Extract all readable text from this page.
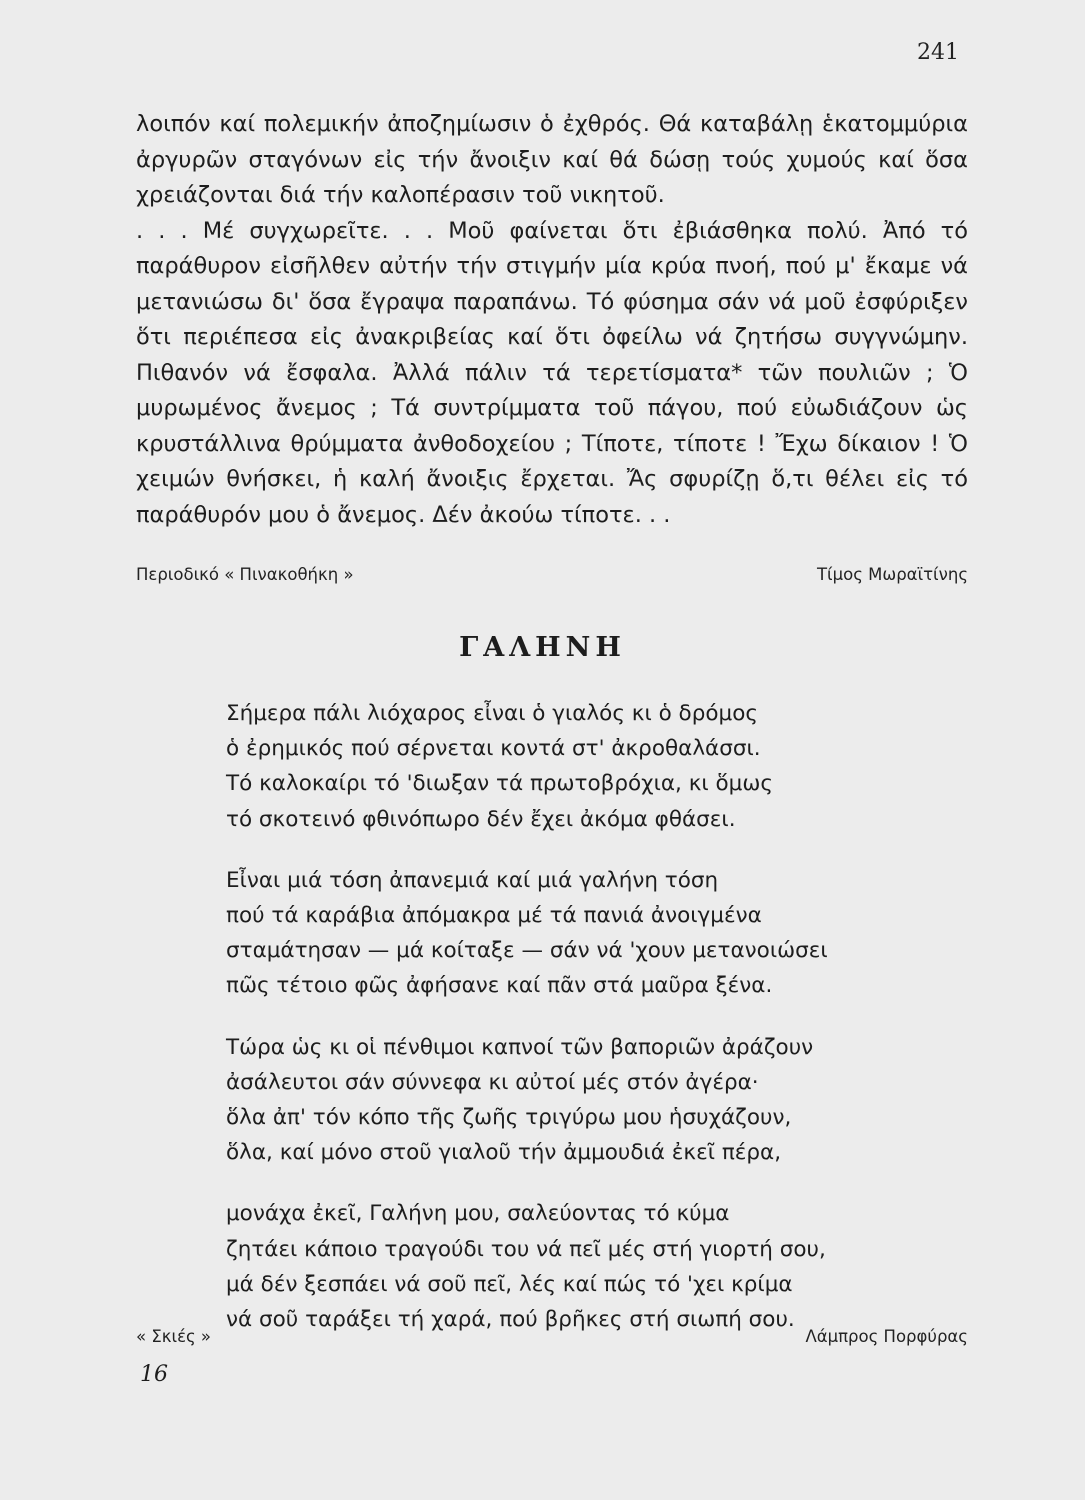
241

λοιπόν καί πολεμικήν ἀποζημίωσιν ὁ ἐχθρός. Θά καταβάλῃ ἑκατομμύρια ἀργυρῶν σταγόνων εἰς τήν ἄνοιξιν καί θά δώσῃ τούς χυμούς καί ὅσα χρειάζονται διά τήν καλοπέρασιν τοῦ νικητοῦ.

. . . Μέ συγχωρεῖτε. . . Μοῦ φαίνεται ὅτι ἐβιάσθηκα πολύ. Ἀπό τό παράθυρον εἰσῆλθεν αὐτήν τήν στιγμήν μία κρύα πνοή, πού μ' ἔκαμε νά μετανιώσω δι' ὅσα ἔγραψα παραπάνω. Τό φύσημα σάν νά μοῦ ἐσφύριξεν ὅτι περιέπεσα εἰς ἀνακριβείας καί ὅτι ὀφείλω νά ζητήσω συγγνώμην. Πιθανόν νά ἔσφαλα. Ἀλλά πάλιν τά τερετίσματα* τῶν πουλιῶν ; Ὁ μυρωμένος ἄνεμος ; Τά συντρίμματα τοῦ πάγου, πού εὐωδιάζουν ὡς κρυστάλλινα θρύμματα ἀνθοδοχείου ; Τίποτε, τίποτε ! Ἔχω δίκαιον ! Ὁ χειμών θνήσκει, ἡ καλή ἄνοιξις ἔρχεται. Ἄς σφυρίζῃ ὅ,τι θέλει εἰς τό παράθυρόν μου ὁ ἄνεμος. Δέν ἀκούω τίποτε. . .

Περιοδικό « Πινακοθήκη »	Τίμος Μωραϊτίνης
ΓΑΛΗΝΗ
Σήμερα πάλι λιόχαρος εἶναι ὁ γιαλός κι ὁ δρόμος
ὁ ἐρημικός πού σέρνεται κοντά στ' ἀκροθαλάσσι.
Τό καλοκαίρι τό 'διωξαν τά πρωτοβρόχια, κι ὅμως
τό σκοτεινό φθινόπωρο δέν ἔχει ἀκόμα φθάσει.
Εἶναι μιά τόση ἀπανεμιά καί μιά γαλήνη τόση
πού τά καράβια ἀπόμακρα μέ τά πανιά ἀνοιγμένα
σταμάτησαν — μά κοίταξε — σάν νά 'χουν μετανοιώσει
πῶς τέτοιο φῶς ἀφήσανε καί πᾶν στά μαῦρα ξένα.
Τώρα ὡς κι οἱ πένθιμοι καπνοί τῶν βαποριῶν ἀράζουν
ἀσάλευτοι σάν σύννεφα κι αὐτοί μές στόν ἀγέρα·
ὅλα ἀπ' τόν κόπο τῆς ζωῆς τριγύρω μου ἡσυχάζουν,
ὅλα, καί μόνο στοῦ γιαλοῦ τήν ἀμμουδιά ἐκεῖ πέρα,
μονάχα ἐκεῖ, Γαλήνη μου, σαλεύοντας τό κύμα
ζητάει κάποιο τραγούδι του νά πεῖ μές στή γιορτή σου,
μά δέν ξεσπάει νά σοῦ πεῖ, λές καί πώς τό 'χει κρίμα
νά σοῦ ταράξει τή χαρά, πού βρῆκες στή σιωπή σου.
« Σκιές »	Λάμπρος Πορφύρας
16
